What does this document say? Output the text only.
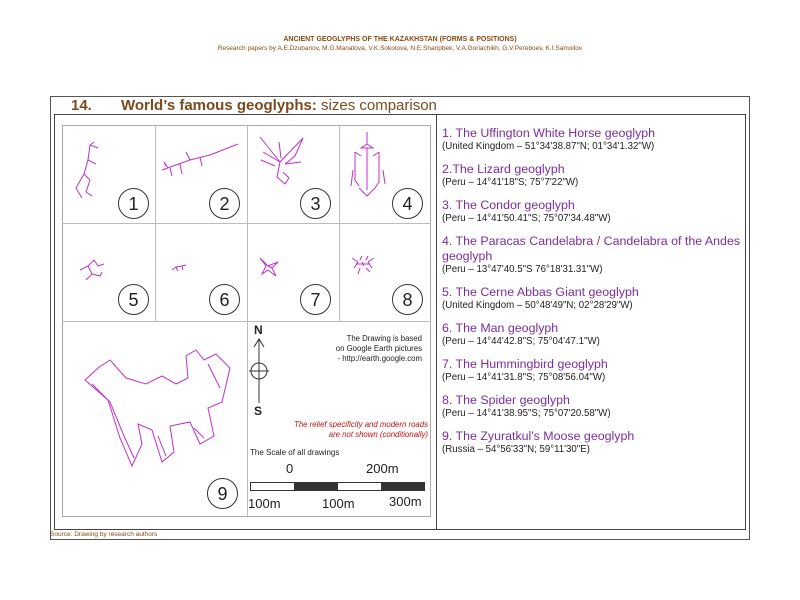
ANCIENT GEOGLYPHS OF THE KAZAKHSTAN (FORMS & POSITIONS)
Research papers by A.E.Dzubanov, M.G.Manatova, V.K.Sokolova, N.E.Sharipbek, V.A.Goriachikh, G.V.Pereboev, K.I.Samoilov
14. World’s famous geoglyphs: sizes comparison
1	2	3	4
5	6	7	8
9
N
S
The Drawing is based
on Google Earth pictures
- http://earth.google.com
The relief specificity and modern roads
are not shown (conditionally)
The Scale of all drawings
0	200m
100m	100m	300m
1. The Uffington White Horse geoglyph
(United Kingdom – 51°34'38.87"N; 01°34'1.32"W)
2.The Lizard geoglyph
(Peru – 14°41'18"S; 75°7'22"W)
3. The Condor geoglyph
(Peru – 14°41'50.41"S; 75°07'34.48"W)
4. The Paracas Candelabra / Candelabra of the Andes geoglyph
(Peru – 13°47'40.5"S 76°18'31.31"W)
5. The Cerne Abbas Giant geoglyph
(United Kingdom – 50°48'49"N; 02°28'29"W)
6. The Man geoglyph
(Peru – 14°44'42.8"S; 75°04'47.1"W)
7. The Hummingbird geoglyph
(Peru – 14°41'31.8"S; 75°08'56.04"W)
8. The Spider geoglyph
(Peru – 14°41'38.95"S; 75°07'20.58"W)
9. The Zyuratkul's Moose geoglyph
(Russia – 54°56'33"N; 59°11'30"E)
Source: Drawing by research authors
